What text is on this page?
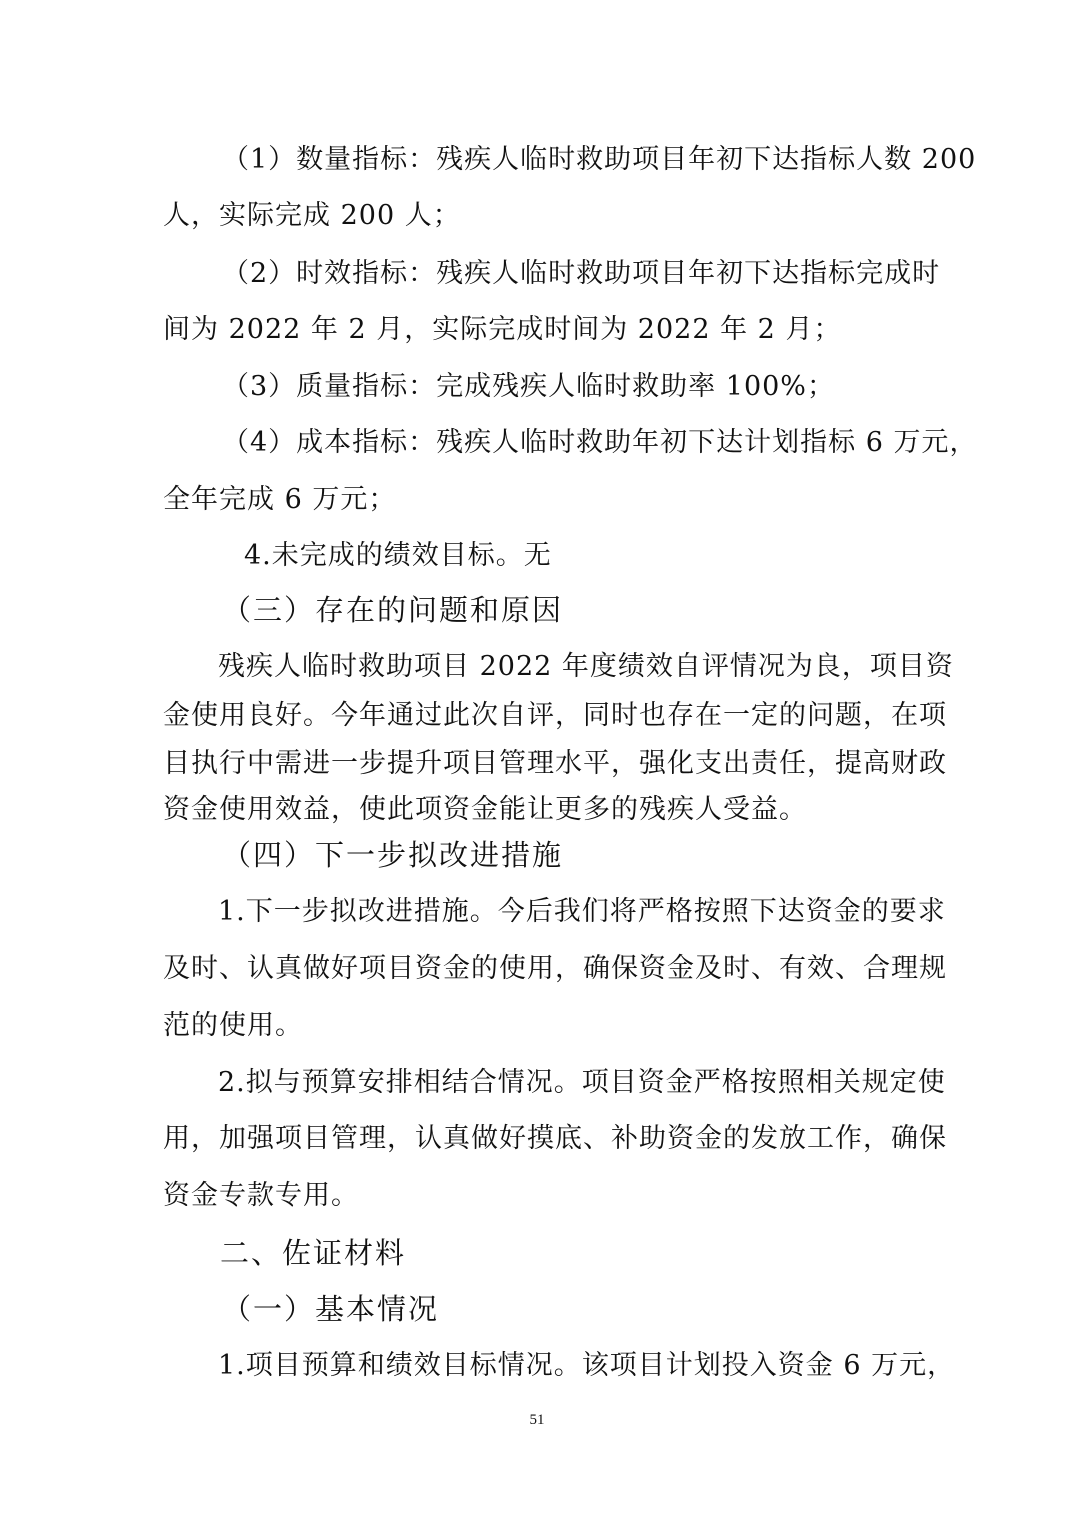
（1）数量指标：残疾人临时救助项目年初下达指标人数 200
人，实际完成 200 人；
（2）时效指标：残疾人临时救助项目年初下达指标完成时
间为 2022 年 2 月，实际完成时间为 2022 年 2 月；
（3）质量指标：完成残疾人临时救助率 100%；
（4）成本指标：残疾人临时救助年初下达计划指标 6 万元，
全年完成 6 万元；
4.未完成的绩效目标。无
（三）存在的问题和原因
残疾人临时救助项目 2022 年度绩效自评情况为良，项目资
金使用良好。今年通过此次自评，同时也存在一定的问题，在项
目执行中需进一步提升项目管理水平，强化支出责任，提高财政
资金使用效益，使此项资金能让更多的残疾人受益。
（四）下一步拟改进措施
1.下一步拟改进措施。今后我们将严格按照下达资金的要求
及时、认真做好项目资金的使用，确保资金及时、有效、合理规
范的使用。
2.拟与预算安排相结合情况。项目资金严格按照相关规定使
用，加强项目管理，认真做好摸底、补助资金的发放工作，确保
资金专款专用。
二、佐证材料
（一）基本情况
1.项目预算和绩效目标情况。该项目计划投入资金 6 万元，
51
